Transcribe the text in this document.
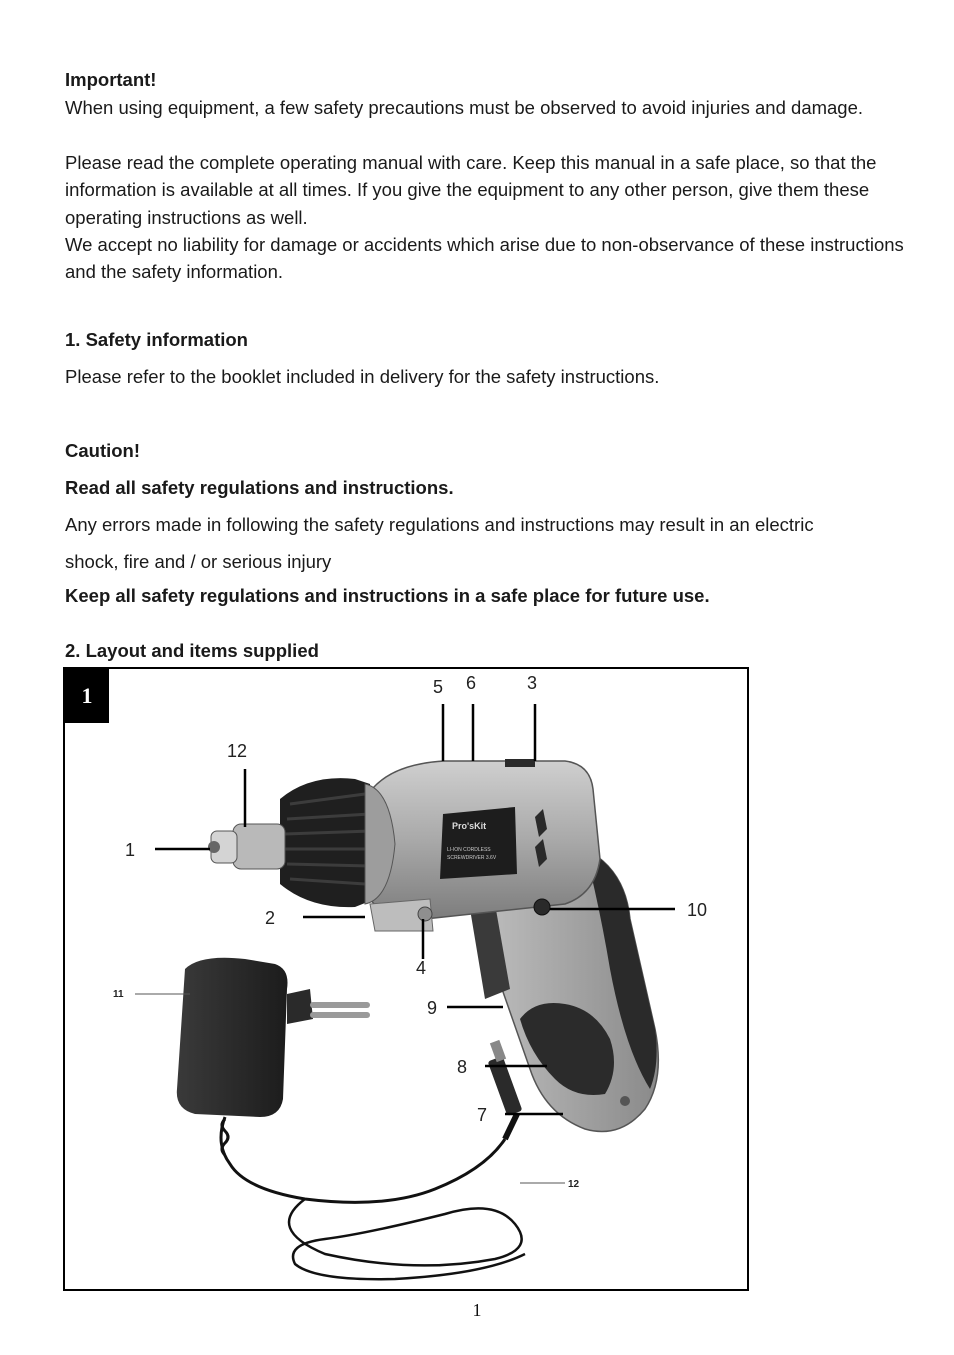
Important!

When using equipment, a few safety precautions must be observed to avoid injuries and damage.

Please read the complete operating manual with care. Keep this manual in a safe place, so that the information is available at all times. If you give the equipment to any other person, give them these operating instructions as well.

We accept no liability for damage or accidents which arise due to non-observance of these instructions and the safety information.

1. Safety information

Please refer to the booklet included in delivery for the safety instructions.

Caution!

Read all safety regulations and instructions.

Any errors made in following the safety regulations and instructions may result in an electric

shock, fire and / or serious injury

Keep all safety regulations and instructions in a safe place for future use.

2. Layout and items supplied

Pro'sKit
LI-ION CORDLESS
SCREWDRIVER 3.6V
1
2
3
4
5 6
7
8
9
10
11
12
12
1
1
